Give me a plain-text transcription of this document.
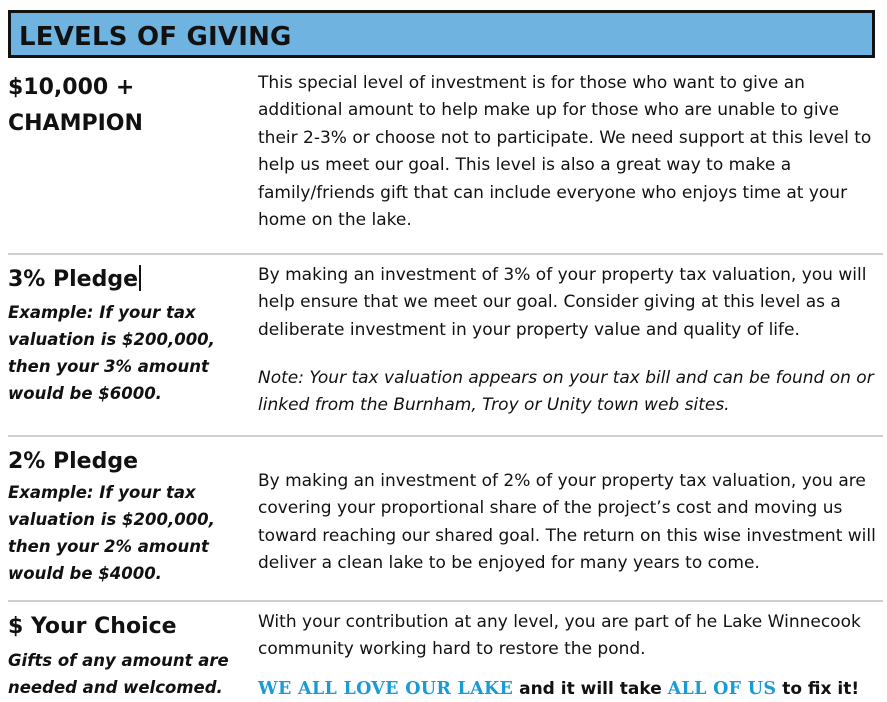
LEVELS OF GIVING
$10,000 +
CHAMPION
This special level of investment is for those who want to give an additional amount to help make up for those who are unable to give their 2-3% or choose not to participate. We need support at this level to help us meet our goal. This level is also a great way to make a family/friends gift that can include everyone who enjoys time at your home on the lake.
3% Pledge
Example: If your tax valuation is $200,000, then your 3% amount would be $6000.
By making an investment of 3% of your property tax valuation, you will help ensure that we meet our goal. Consider giving at this level as a deliberate investment in your property value and quality of life.
Note: Your tax valuation appears on your tax bill and can be found on or linked from the Burnham, Troy or Unity town web sites.
2% Pledge
Example: If your tax valuation is $200,000, then your 2% amount would be $4000.
By making an investment of 2% of your property tax valuation, you are covering your proportional share of the project’s cost and moving us toward reaching our shared goal. The return on this wise investment will deliver a clean lake to be enjoyed for many years to come.
$ Your Choice
Gifts of any amount are needed and welcomed.
With your contribution at any level, you are part of he Lake Winnecook community working hard to restore the pond.
WE ALL LOVE OUR LAKE and it will take ALL OF US to fix it!
